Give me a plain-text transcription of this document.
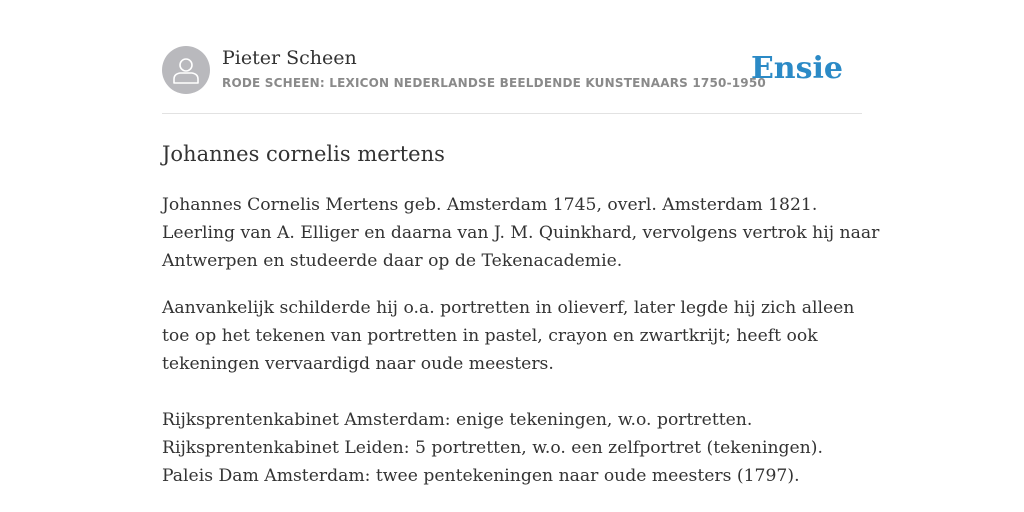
Pieter Scheen
RODE SCHEEN: LEXICON NEDERLANDSE BEELDENDE KUNSTENAARS 1750-1950
Ensie
Johannes cornelis mertens

Johannes Cornelis Mertens geb. Amsterdam 1745, overl. Amsterdam 1821.
Leerling van A. Elliger en daarna van J. M. Quinkhard, vervolgens vertrok hij naar
Antwerpen en studeerde daar op de Tekenacademie.

Aanvankelijk schilderde hij o.a. portretten in olieverf, later legde hij zich alleen
toe op het tekenen van portretten in pastel, crayon en zwartkrijt; heeft ook
tekeningen vervaardigd naar oude meesters.

Rijksprentenkabinet Amsterdam: enige tekeningen, w.o. portretten.
Rijksprentenkabinet Leiden: 5 portretten, w.o. een zelfportret (tekeningen).
Paleis Dam Amsterdam: twee pentekeningen naar oude meesters (1797).
